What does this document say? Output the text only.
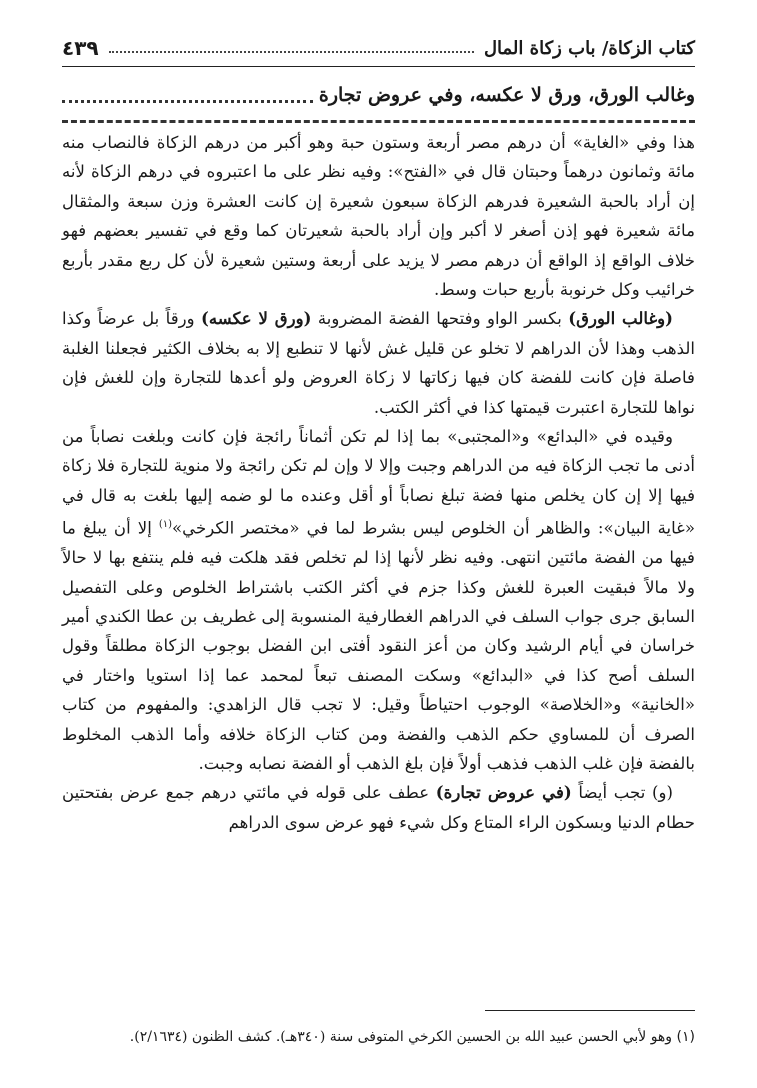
كتاب الزكاة/ باب زكاة المال
٤٣٩
وغالب الورق، ورق لا عكسه، وفي عروض تجارة

هذا وفي «الغاية» أن درهم مصر أربعة وستون حبة وهو أكبر من درهم الزكاة فالنصاب منه مائة وثمانون درهماً وحبتان قال في «الفتح»: وفيه نظر على ما اعتبروه في درهم الزكاة لأنه إن أراد بالحبة الشعيرة فدرهم الزكاة سبعون شعيرة إن كانت العشرة وزن سبعة والمثقال مائة شعيرة فهو إذن أصغر لا أكبر وإن أراد بالحبة شعيرتان كما وقع في تفسير بعضهم فهو خلاف الواقع إذ الواقع أن درهم مصر لا يزيد على أربعة وستين شعيرة لأن كل ربع مقدر بأربع خرائيب وكل خرنوبة بأربع حبات وسط.

(وغالب الورق) بكسر الواو وفتحها الفضة المضروبة (ورق لا عكسه) ورقاً بل عرضاً وكذا الذهب وهذا لأن الدراهم لا تخلو عن قليل غش لأنها لا تنطبع إلا به بخلاف الكثير فجعلنا الغلبة فاصلة فإن كانت للفضة كان فيها زكاتها لا زكاة العروض ولو أعدها للتجارة وإن للغش فإن نواها للتجارة اعتبرت قيمتها كذا في أكثر الكتب.

وقيده في «البدائع» و«المجتبى» بما إذا لم تكن أثماناً رائجة فإن كانت وبلغت نصاباً من أدنى ما تجب الزكاة فيه من الدراهم وجبت وإلا لا وإن لم تكن رائجة ولا منوية للتجارة فلا زكاة فيها إلا إن كان يخلص منها فضة تبلغ نصاباً أو أقل وعنده ما لو ضمه إليها بلغت به قال في «غاية البيان»: والظاهر أن الخلوص ليس بشرط لما في «مختصر الكرخي»$^{(١)}$ إلا أن يبلغ ما فيها من الفضة مائتين انتهى. وفيه نظر لأنها إذا لم تخلص فقد هلكت فيه فلم ينتفع بها لا حالاً ولا مالاً فبقيت العبرة للغش وكذا جزم في أكثر الكتب باشتراط الخلوص وعلى التفصيل السابق جرى جواب السلف في الدراهم الغطارفية المنسوبة إلى غطريف بن عطا الكندي أمير خراسان في أيام الرشيد وكان من أعز النقود أفتى ابن الفضل بوجوب الزكاة مطلقاً وقول السلف أصح كذا في «البدائع» وسكت المصنف تبعاً لمحمد عما إذا استويا واختار في «الخانية» و«الخلاصة» الوجوب احتياطاً وقيل: لا تجب قال الزاهدي: والمفهوم من كتاب الصرف أن للمساوي حكم الذهب والفضة ومن كتاب الزكاة خلافه وأما الذهب المخلوط بالفضة فإن غلب الذهب فذهب أولاً فإن بلغ الذهب أو الفضة نصابه وجبت.

(و) تجب أيضاً (في عروض تجارة) عطف على قوله في مائتي درهم جمع عرض بفتحتين حطام الدنيا وبسكون الراء المتاع وكل شيء فهو عرض سوى الدراهم

(١) وهو لأبي الحسن عبيد الله بن الحسين الكرخي المتوفى سنة (٣٤٠هـ). كشف الظنون (٢/١٦٣٤).
